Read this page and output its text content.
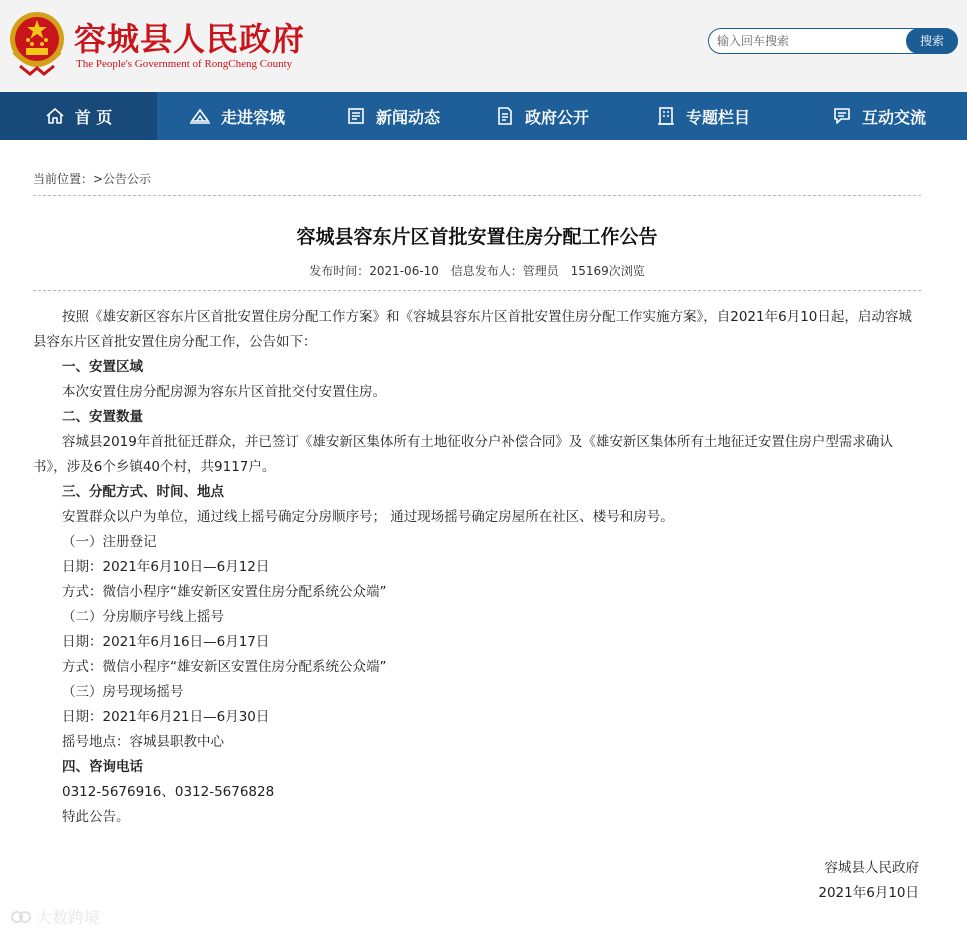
容城县人民政府
The People's Government of RongCheng County
输入回车搜索
搜索
首 页	走进容城	新闻动态	政府公开	专题栏目	互动交流
当前位置：>公告公示
容城县容东片区首批安置住房分配工作公告
发布时间：2021-06-10 信息发布人：管理员 15169次浏览

按照《雄安新区容东片区首批安置住房分配工作方案》和《容城县容东片区首批安置住房分配工作实施方案》，自2021年6月10日起，启动容城县容东片区首批安置住房分配工作，公告如下：

一、安置区域

本次安置住房分配房源为容东片区首批交付安置住房。

二、安置数量

容城县2019年首批征迁群众，并已签订《雄安新区集体所有土地征收分户补偿合同》及《雄安新区集体所有土地征迁安置住房户型需求确认书》，涉及6个乡镇40个村，共9117户。

三、分配方式、时间、地点

安置群众以户为单位，通过线上摇号确定分房顺序号； 通过现场摇号确定房屋所在社区、楼号和房号。

（一）注册登记

日期：2021年6月10日—6月12日

方式：微信小程序“雄安新区安置住房分配系统公众端”

（二）分房顺序号线上摇号

日期：2021年6月16日—6月17日

方式：微信小程序“雄安新区安置住房分配系统公众端”

（三）房号现场摇号

日期：2021年6月21日—6月30日

摇号地点：容城县职教中心

四、咨询电话

0312-5676916、0312-5676828

特此公告。

容城县人民政府

2021年6月10日

大数跨境
